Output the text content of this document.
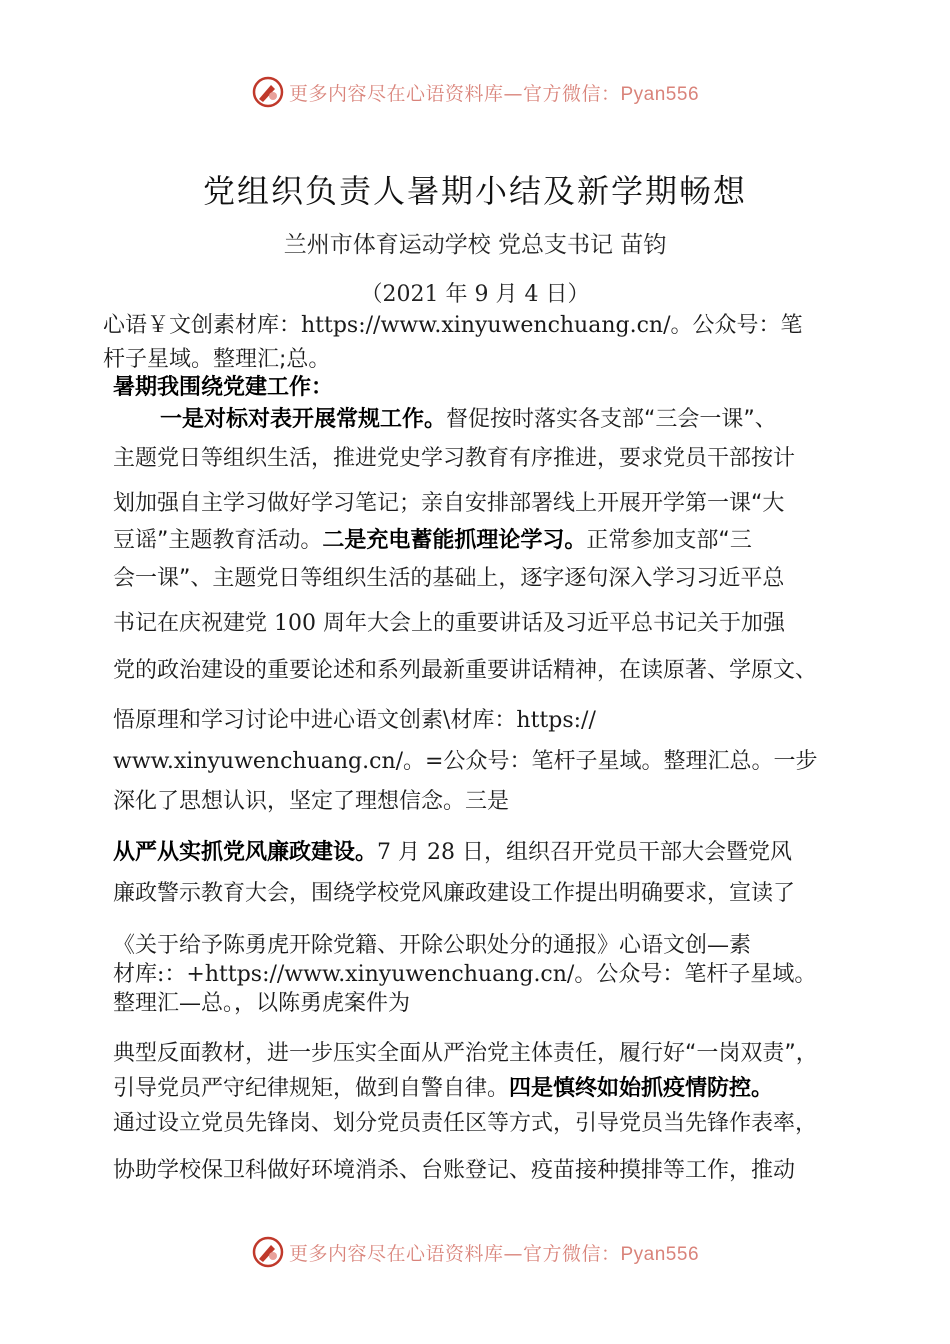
更多内容尽在心语资料库—官方微信：Pyan556
党组织负责人暑期小结及新学期畅想
兰州市体育运动学校 党总支书记 苗钧
（2021 年 9 月 4 日）
心语￥文创素材库：https://www.xinyuwenchuang.cn/。公众号：笔
杆子星域。整理汇;总。
暑期我围绕党建工作：
一是对标对表开展常规工作。督促按时落实各支部“三会一课”、
主题党日等组织生活，推进党史学习教育有序推进，要求党员干部按计
划加强自主学习做好学习笔记；亲自安排部署线上开展开学第一课“大
豆谣”主题教育活动。二是充电蓄能抓理论学习。正常参加支部“三
会一课”、主题党日等组织生活的基础上，逐字逐句深入学习习近平总
书记在庆祝建党 100 周年大会上的重要讲话及习近平总书记关于加强
党的政治建设的重要论述和系列最新重要讲话精神，在读原著、学原文、
悟原理和学习讨论中进心语文创素\材库：https://
www.xinyuwenchuang.cn/。=公众号：笔杆子星域。整理汇总。一步
深化了思想认识，坚定了理想信念。三是
从严从实抓党风廉政建设。7 月 28 日，组织召开党员干部大会暨党风
廉政警示教育大会，围绕学校党风廉政建设工作提出明确要求，宣读了
《关于给予陈勇虎开除党籍、开除公职处分的通报》心语文创—素
材库:：+https://www.xinyuwenchuang.cn/。公众号：笔杆子星域。
整理汇—总。，以陈勇虎案件为
典型反面教材，进一步压实全面从严治党主体责任，履行好“一岗双责”，
引导党员严守纪律规矩，做到自警自律。四是慎终如始抓疫情防控。
通过设立党员先锋岗、划分党员责任区等方式，引导党员当先锋作表率，
协助学校保卫科做好环境消杀、台账登记、疫苗接种摸排等工作，推动
更多内容尽在心语资料库—官方微信：Pyan556
